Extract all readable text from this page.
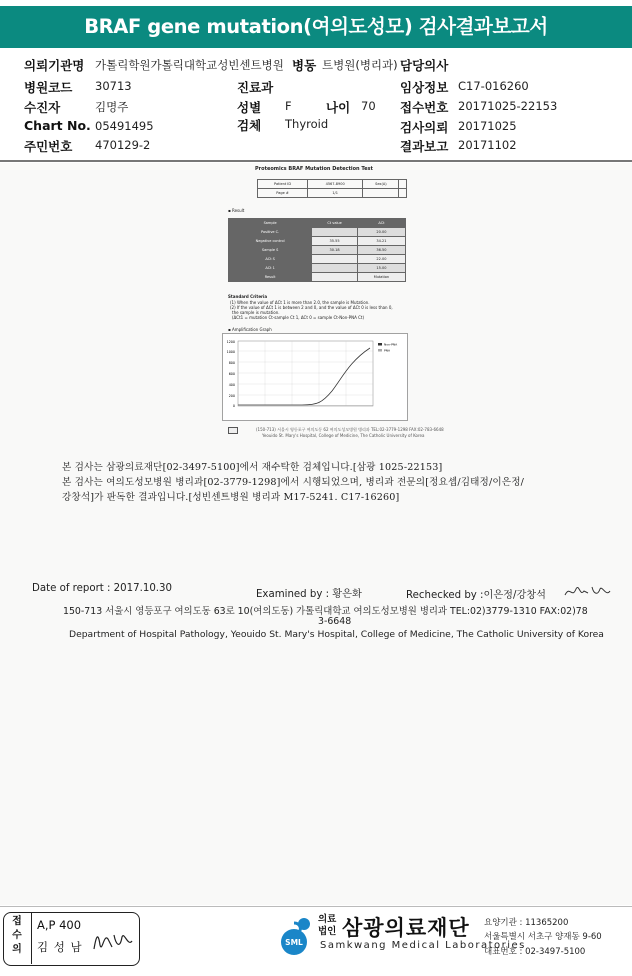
BRAF gene mutation(여의도성모) 검사결과보고서
의뢰기관명 가톨릭학원가톨릭대학교성빈센트병원 병동 트병원(병리과) 담당의사
병원코드 30713	진료과	임상정보 C17-016260
수진자	김명주	성별 F	나이 70 접수번호 20171025-22153
Chart No. 05491495	검체 Thyroid	검사의뢰 20171025
주민번호 470129-2	결과보고 20171102
Proteomics BRAF Mutation Detection Test
Patient ID	4567-8900	Sex(A)	
Page #	1/1		
▪ Result
Sample	Ct value	ΔCt
Positive C.		20.00
Negative control	35.55	34.21
Sample S	30.18	36.50
ΔCt S		22.00
ΔCt 1		15.00
Result		Mutation
Standard Criteria
(1) When the value of ΔCt 1 is more than 2.0, the sample is Mutation.
(2) If the value of ΔCt 1 is between 2 and 0, and the value of ΔCt 0 is less than 0,
the sample is mutation.
(ΔCt1 = mutation Ct-sample Ct 1, ΔCt 0 = sample Ct-Non-PNA Ct)
▪ Amplification Graph
1200
1000
800
600
400
200
0
Non-PNA
PNA
(150-713) 서울시 영등포구 여의도동 62 여의도성모병원 병리과 TEL:02-3779-1298 FAX:02-783-6648
Yeouido St. Mary's Hospital, College of Medicine, The Catholic University of Korea
본 검사는 삼광의료재단[02-3497-5100]에서 재수탁한 검체입니다.[삼광 1025-22153]
본 검사는 여의도성모병원 병리과[02-3779-1298]에서 시행되었으며, 병리과 전문의[정요셉/김태정/이은정/
강창석]가 판독한 결과입니다.[성빈센트병원 병리과 M17-5241. C17-16260]
Date of report : 2017.10.30
Examined by : 황은화	Rechecked by :이은정/강창석
150-713 서울시 영등포구 여의도동 63로 10(여의도동) 가톨릭대학교 여의도성모병원 병리과 TEL:02)3779-1310 FAX:02)78
3-6648
Department of Hospital Pathology, Yeouido St. Mary's Hospital, College of Medicine, The Catholic University of Korea
접
수
의
A,P 400
김 성 남	SML
의료
법인 삼광의료재단
Samkwang Medical Laboratories
요양기관 : 11365200
서울특별시 서초구 양재동 9-60
대표번호 : 02-3497-5100
